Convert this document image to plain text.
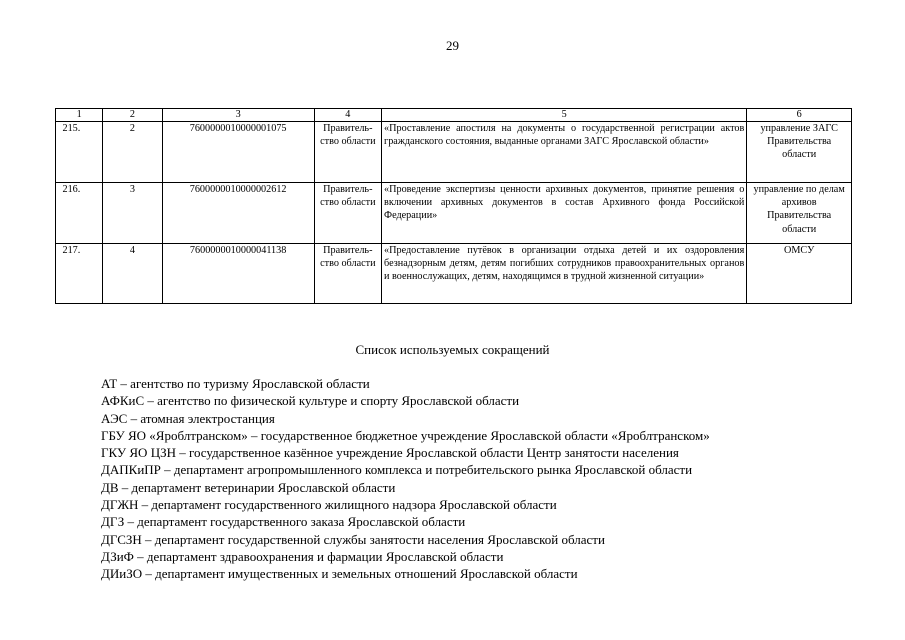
29
1	2	3	4	5	6
215.	2	7600000010000001075	Правитель-ство области	«Проставление апостиля на документы о государственной регистрации актов гражданского состояния, выданные органами ЗАГС Ярославской области»	управление ЗАГС Правительства области
216.	3	7600000010000002612	Правитель-ство области	«Проведение экспертизы ценности архивных документов, принятие решения о включении архивных документов в состав Архивного фонда Российской Федерации»	управление по делам архивов Правительства области
217.	4	7600000010000041138	Правитель-ство области	«Предоставление путёвок в организации отдыха детей и их оздоровления безнадзорным детям, детям погибших сотрудников правоохранительных органов и военнослужащих, детям, находящимся в трудной жизненной ситуации»	ОМСУ
Список используемых сокращений
АТ – агентство по туризму Ярославской области
АФКиС – агентство по физической культуре и спорту Ярославской области
АЭС – атомная электростанция
ГБУ ЯО «Яроблтранском» – государственное бюджетное учреждение Ярославской области «Яроблтранском»
ГКУ ЯО ЦЗН – государственное казённое учреждение Ярославской области Центр занятости населения
ДАПКиПР – департамент агропромышленного комплекса и потребительского рынка Ярославской области
ДВ – департамент ветеринарии Ярославской области
ДГЖН – департамент государственного жилищного надзора Ярославской области
ДГЗ – департамент государственного заказа Ярославской области
ДГСЗН – департамент государственной службы занятости населения Ярославской области
ДЗиФ – департамент здравоохранения и фармации Ярославской области
ДИиЗО – департамент имущественных и земельных отношений Ярославской области
